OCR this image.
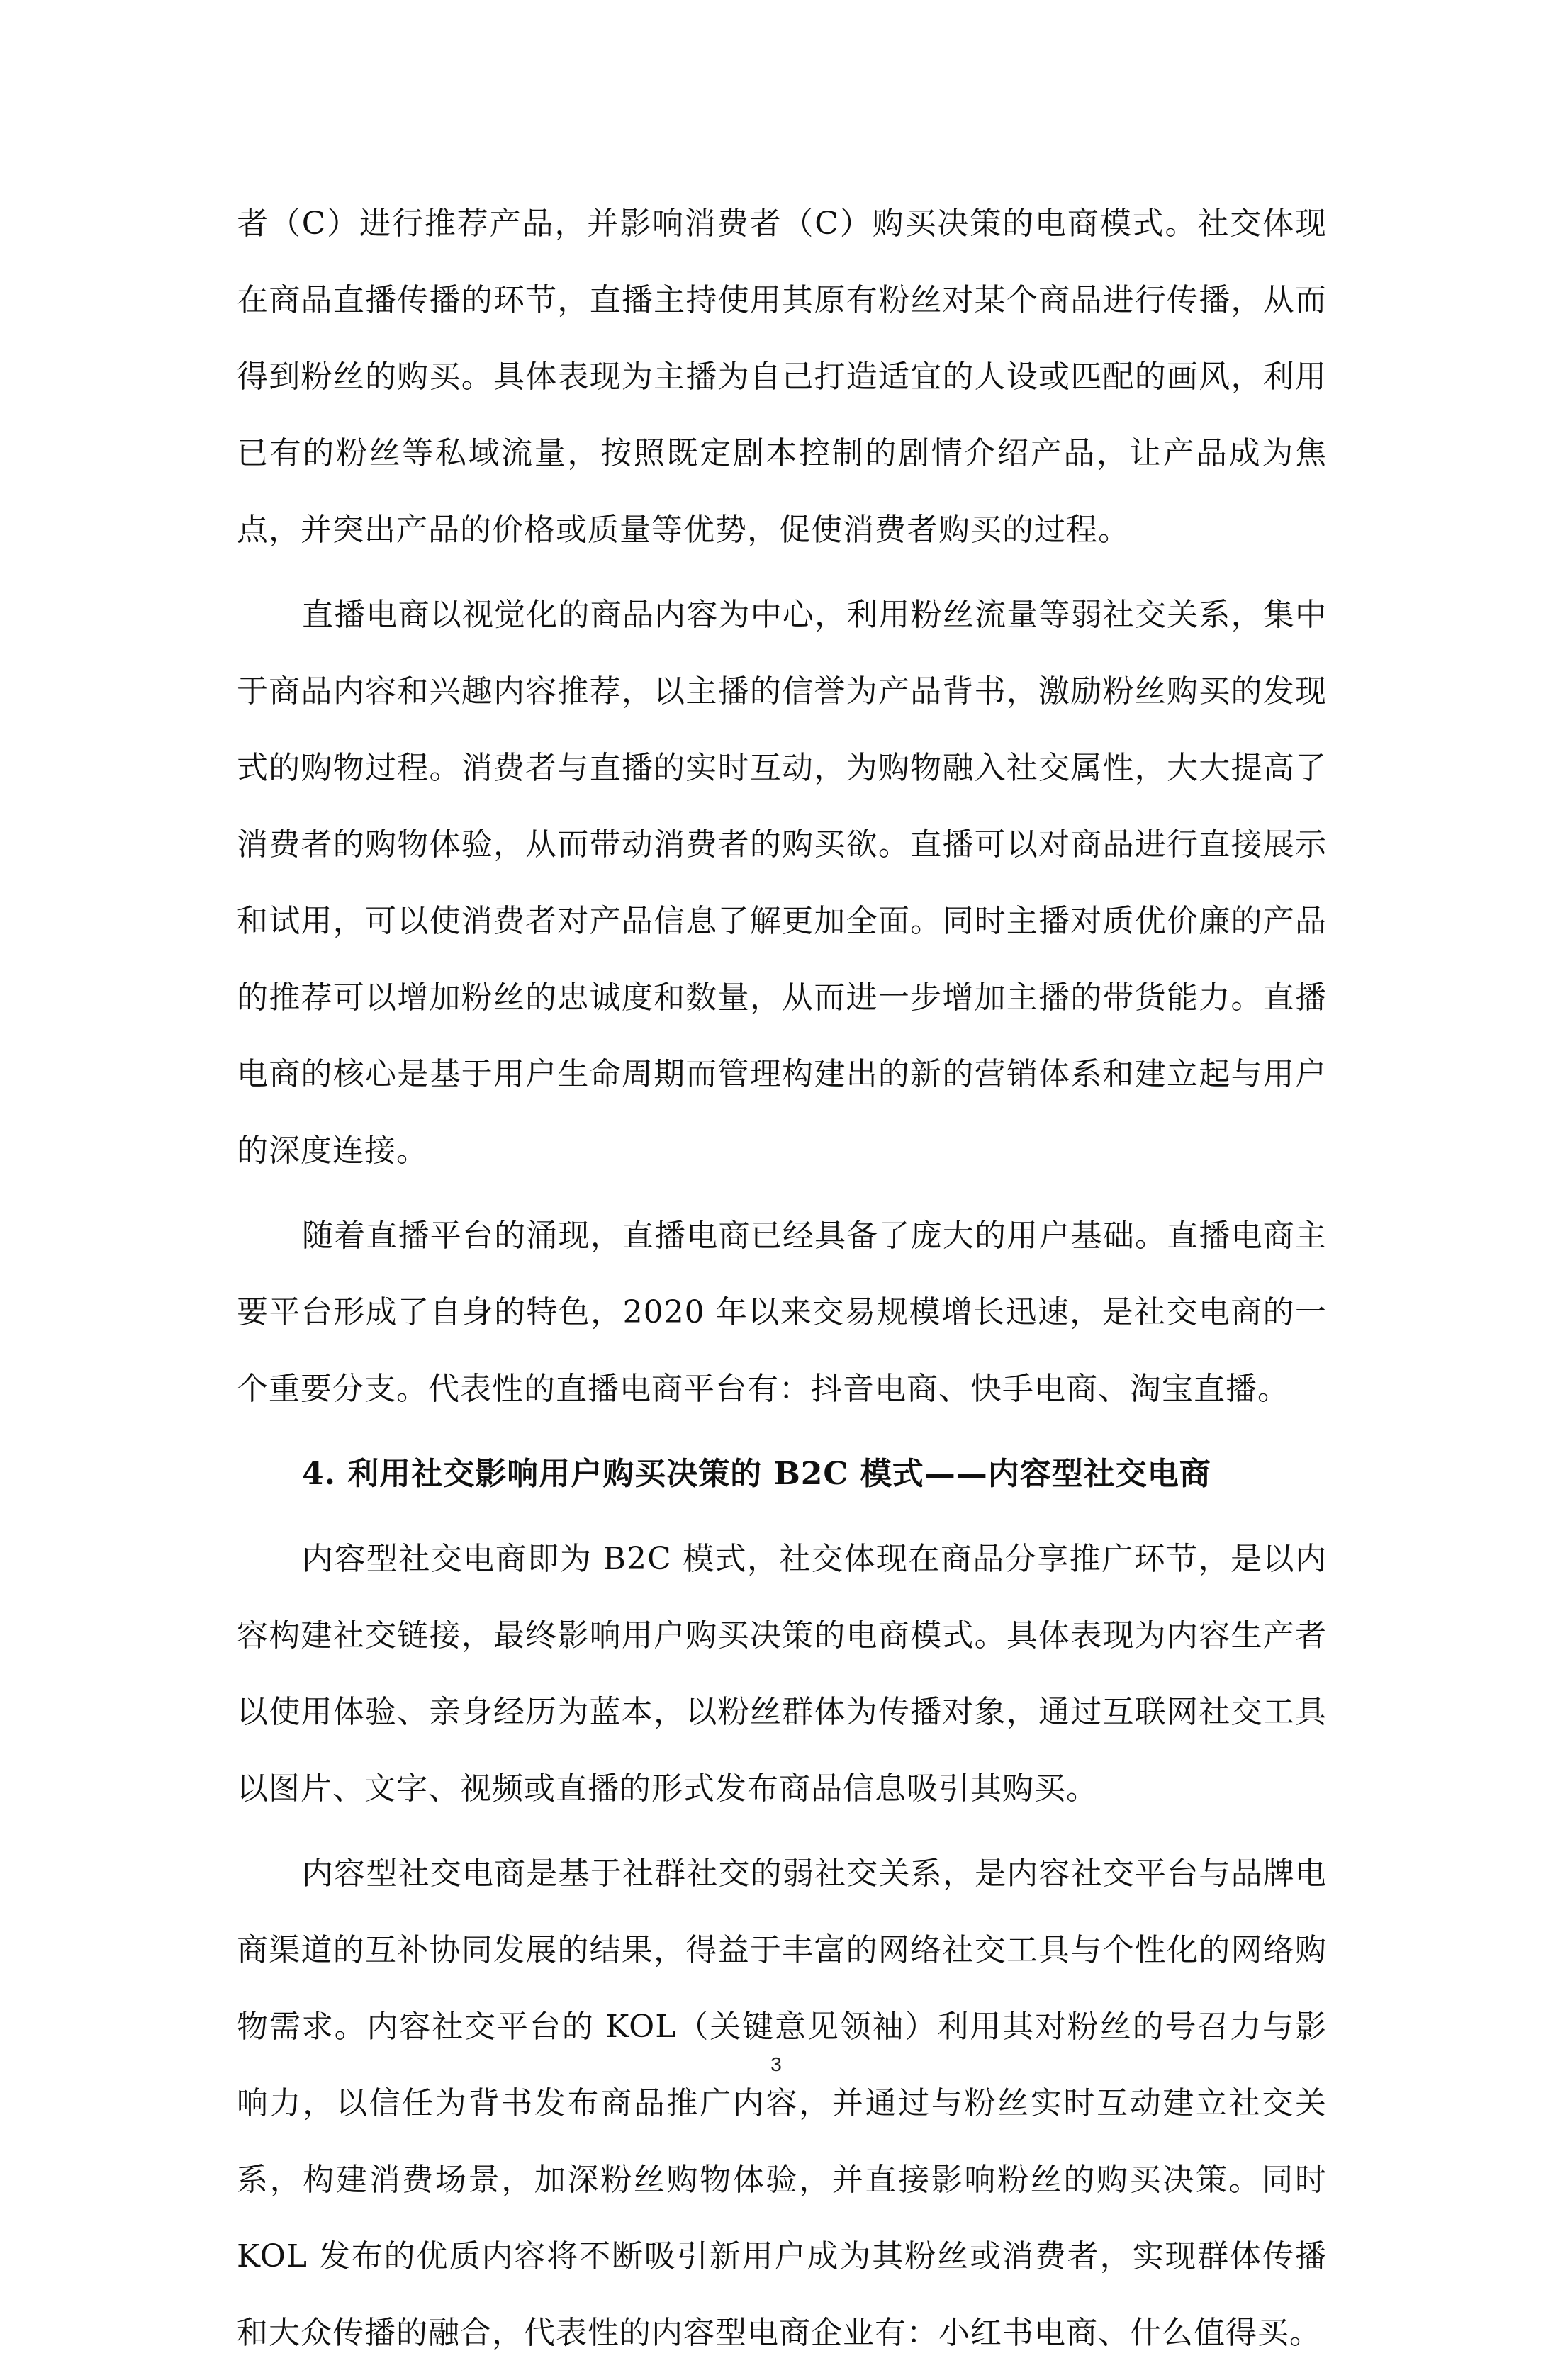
者（C）进行推荐产品，并影响消费者（C）购买决策的电商模式。社交体现在商品直播传播的环节，直播主持使用其原有粉丝对某个商品进行传播，从而得到粉丝的购买。具体表现为主播为自己打造适宜的人设或匹配的画风，利用已有的粉丝等私域流量，按照既定剧本控制的剧情介绍产品，让产品成为焦点，并突出产品的价格或质量等优势，促使消费者购买的过程。

直播电商以视觉化的商品内容为中心，利用粉丝流量等弱社交关系，集中于商品内容和兴趣内容推荐，以主播的信誉为产品背书，激励粉丝购买的发现式的购物过程。消费者与直播的实时互动，为购物融入社交属性，大大提高了消费者的购物体验，从而带动消费者的购买欲。直播可以对商品进行直接展示和试用，可以使消费者对产品信息了解更加全面。同时主播对质优价廉的产品的推荐可以增加粉丝的忠诚度和数量，从而进一步增加主播的带货能力。直播电商的核心是基于用户生命周期而管理构建出的新的营销体系和建立起与用户的深度连接。

随着直播平台的涌现，直播电商已经具备了庞大的用户基础。直播电商主要平台形成了自身的特色，2020 年以来交易规模增长迅速，是社交电商的一个重要分支。代表性的直播电商平台有：抖音电商、快手电商、淘宝直播。

4. 利用社交影响用户购买决策的 B2C 模式——内容型社交电商

内容型社交电商即为 B2C 模式，社交体现在商品分享推广环节，是以内容构建社交链接，最终影响用户购买决策的电商模式。具体表现为内容生产者以使用体验、亲身经历为蓝本，以粉丝群体为传播对象，通过互联网社交工具以图片、文字、视频或直播的形式发布商品信息吸引其购买。

内容型社交电商是基于社群社交的弱社交关系，是内容社交平台与品牌电商渠道的互补协同发展的结果，得益于丰富的网络社交工具与个性化的网络购物需求。内容社交平台的 KOL（关键意见领袖）利用其对粉丝的号召力与影响力，以信任为背书发布商品推广内容，并通过与粉丝实时互动建立社交关系，构建消费场景，加深粉丝购物体验，并直接影响粉丝的购买决策。同时 KOL 发布的优质内容将不断吸引新用户成为其粉丝或消费者，实现群体传播和大众传播的融合，代表性的内容型电商企业有：小红书电商、什么值得买。

3
